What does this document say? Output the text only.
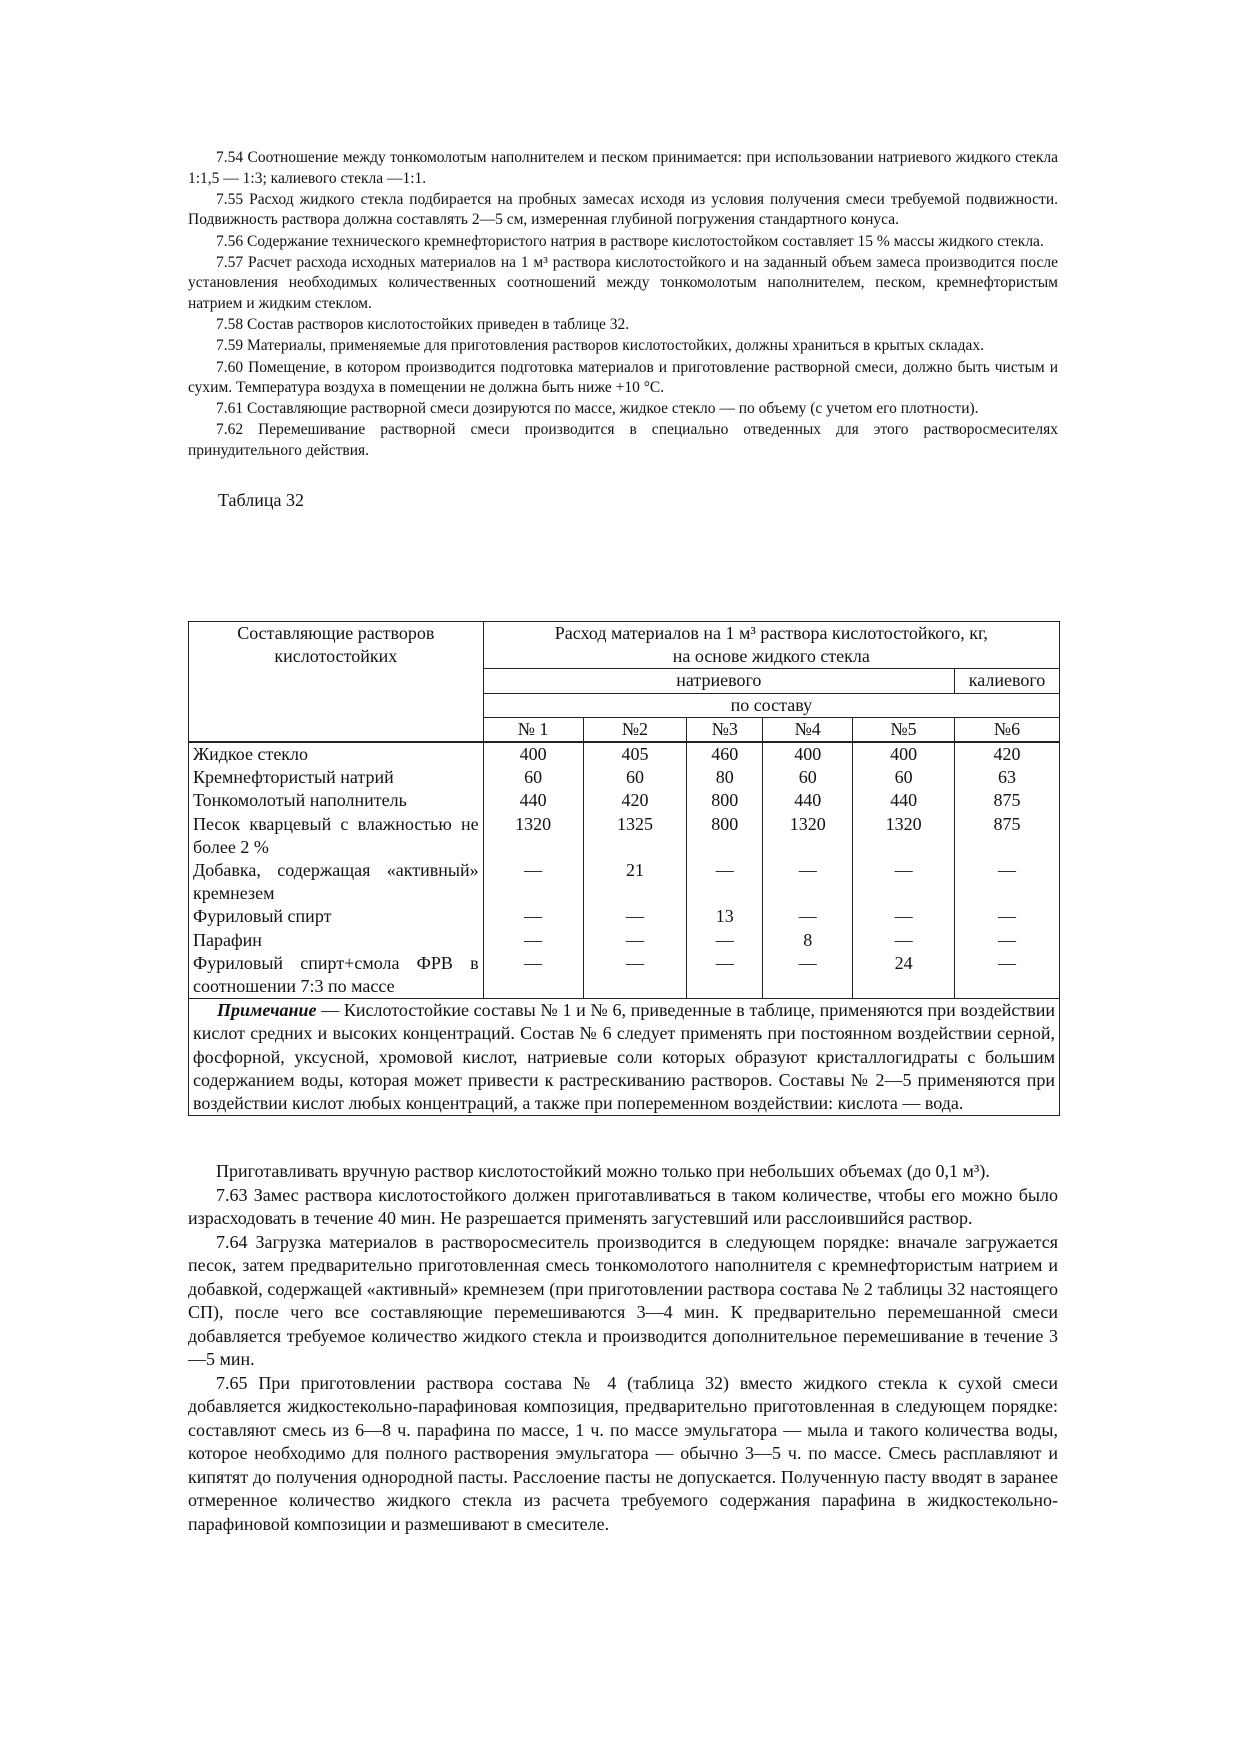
7.54 Соотношение между тонкомолотым наполнителем и песком принимается: при использовании натриевого жидкого стекла 1:1,5 — 1:3; калиевого стекла —1:1.

7.55 Расход жидкого стекла подбирается на пробных замесах исходя из условия получения смеси требуемой подвижности. Подвижность раствора должна составлять 2—5 см, измеренная глубиной погружения стандартного конуса.

7.56 Содержание технического кремнефтористого натрия в растворе кислотостойком составляет 15 % массы жидкого стекла.

7.57 Расчет расхода исходных материалов на 1 м³ раствора кислотостойкого и на заданный объем замеса производится после установления необходимых количественных соотношений между тонкомолотым наполнителем, песком, кремнефтористым натрием и жидким стеклом.

7.58 Состав растворов кислотостойких приведен в таблице 32.

7.59 Материалы, применяемые для приготовления растворов кислотостойких, должны храниться в крытых складах.

7.60 Помещение, в котором производится подготовка материалов и приготовление растворной смеси, должно быть чистым и сухим. Температура воздуха в помещении не должна быть ниже +10 °С.

7.61 Составляющие растворной смеси дозируются по массе, жидкое стекло — по объему (с учетом его плотности).

7.62 Перемешивание растворной смеси производится в специально отведенных для этого растворосмесителях принудительного действия.

Таблица 32
Составляющие растворов кислотостойких	Расход материалов на 1 м³ раствора кислотостойкого, кг,
на основе жидкого стекла					

	натриевого					калиевого
	по составу					
	№ 1	№2	№3	№4	№5	№6
Жидкое стекло	400	405	460	400	400	420
Кремнефтористый натрий	60	60	80	60	60	63
Тонкомолотый наполнитель	440	420	800	440	440	875
Песок кварцевый с влажностью не более 2 %	1320	1325	800	1320	1320	875
Добавка, содержащая «активный» кремнезем	—	21	—	—	—	—
Фуриловый спирт	—	—	13	—	—	—
Парафин	—	—	—	8	—	—
Фуриловый спирт+смола ФРВ в соотношении 7:3 по массе	—	—	—	—	24	—
Примечание — Кислотостойкие составы № 1 и № 6, приведенные в таблице, применяются при воздействии кислот средних и высоких концентраций. Состав № 6 следует применять при постоянном воздействии серной, фосфорной, уксусной, хромовой кислот, натриевые соли которых образуют кристаллогидраты с большим содержанием воды, которая может привести к растрескиванию растворов. Составы № 2—5 применяются при воздействии кислот любых концентраций, а также при попеременном воздействии: кислота — вода.						

Приготавливать вручную раствор кислотостойкий можно только при небольших объемах (до 0,1 м³).

7.63 Замес раствора кислотостойкого должен приготавливаться в таком количестве, чтобы его можно было израсходовать в течение 40 мин. Не разрешается применять загустевший или расслоившийся раствор.

7.64 Загрузка материалов в растворосмеситель производится в следующем порядке: вначале загружается песок, затем предварительно приготовленная смесь тонкомолотого наполнителя с кремнефтористым натрием и добавкой, содержащей «активный» кремнезем (при приготовлении раствора состава № 2 таблицы 32 настоящего СП), после чего все составляющие перемешиваются 3—4 мин. К предварительно перемешанной смеси добавляется требуемое количество жидкого стекла и производится дополнительное перемешивание в течение 3—5 мин.

7.65 При приготовлении раствора состава № 4 (таблица 32) вместо жидкого стекла к сухой смеси добавляется жидкостекольно-парафиновая композиция, предварительно приготовленная в следующем порядке: составляют смесь из 6—8 ч. парафина по массе, 1 ч. по массе эмульгатора — мыла и такого количества воды, которое необходимо для полного растворения эмульгатора — обычно 3—5 ч. по массе. Смесь расплавляют и кипятят до получения однородной пасты. Расслоение пасты не допускается. Полученную пасту вводят в заранее отмеренное количество жидкого стекла из расчета требуемого содержания парафина в жидкостекольно-парафиновой композиции и размешивают в смесителе.
